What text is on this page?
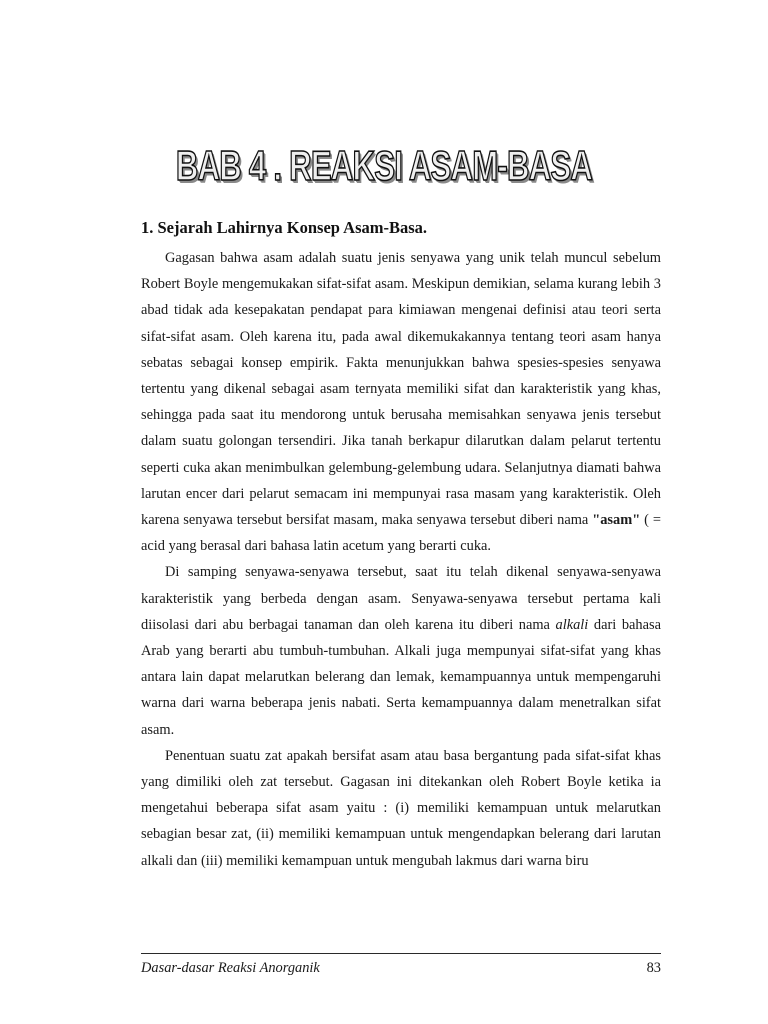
BAB 4 . REAKSI ASAM-BASA
1. Sejarah Lahirnya Konsep Asam-Basa.

Gagasan bahwa asam adalah suatu jenis senyawa yang unik telah muncul sebelum Robert Boyle mengemukakan sifat-sifat asam. Meskipun demikian, selama kurang lebih 3 abad tidak ada kesepakatan pendapat para kimiawan mengenai definisi atau teori serta sifat-sifat asam. Oleh karena itu, pada awal dikemukakannya tentang teori asam hanya sebatas sebagai konsep empirik. Fakta menunjukkan bahwa spesies-spesies senyawa tertentu yang dikenal sebagai asam ternyata memiliki sifat dan karakteristik yang khas, sehingga pada saat itu mendorong untuk berusaha memisahkan senyawa jenis tersebut dalam suatu golongan tersendiri. Jika tanah berkapur dilarutkan dalam pelarut tertentu seperti cuka akan menimbulkan gelembung-gelembung udara. Selanjutnya diamati bahwa larutan encer dari pelarut semacam ini mempunyai rasa masam yang karakteristik. Oleh karena senyawa tersebut bersifat masam, maka senyawa tersebut diberi nama "asam" ( = acid yang berasal dari bahasa latin acetum yang berarti cuka.

Di samping senyawa-senyawa tersebut, saat itu telah dikenal senyawa-senyawa karakteristik yang berbeda dengan asam. Senyawa-senyawa tersebut pertama kali diisolasi dari abu berbagai tanaman dan oleh karena itu diberi nama alkali dari bahasa Arab yang berarti abu tumbuh-tumbuhan. Alkali juga mempunyai sifat-sifat yang khas antara lain dapat melarutkan belerang dan lemak, kemampuannya untuk mempengaruhi warna dari warna beberapa jenis nabati. Serta kemampuannya dalam menetralkan sifat asam.

Penentuan suatu zat apakah bersifat asam atau basa bergantung pada sifat-sifat khas yang dimiliki oleh zat tersebut. Gagasan ini ditekankan oleh Robert Boyle ketika ia mengetahui beberapa sifat asam yaitu : (i) memiliki kemampuan untuk melarutkan sebagian besar zat, (ii) memiliki kemampuan untuk mengendapkan belerang dari larutan alkali dan (iii) memiliki kemampuan untuk mengubah lakmus dari warna biru

Dasar-dasar Reaksi Anorganik	83
